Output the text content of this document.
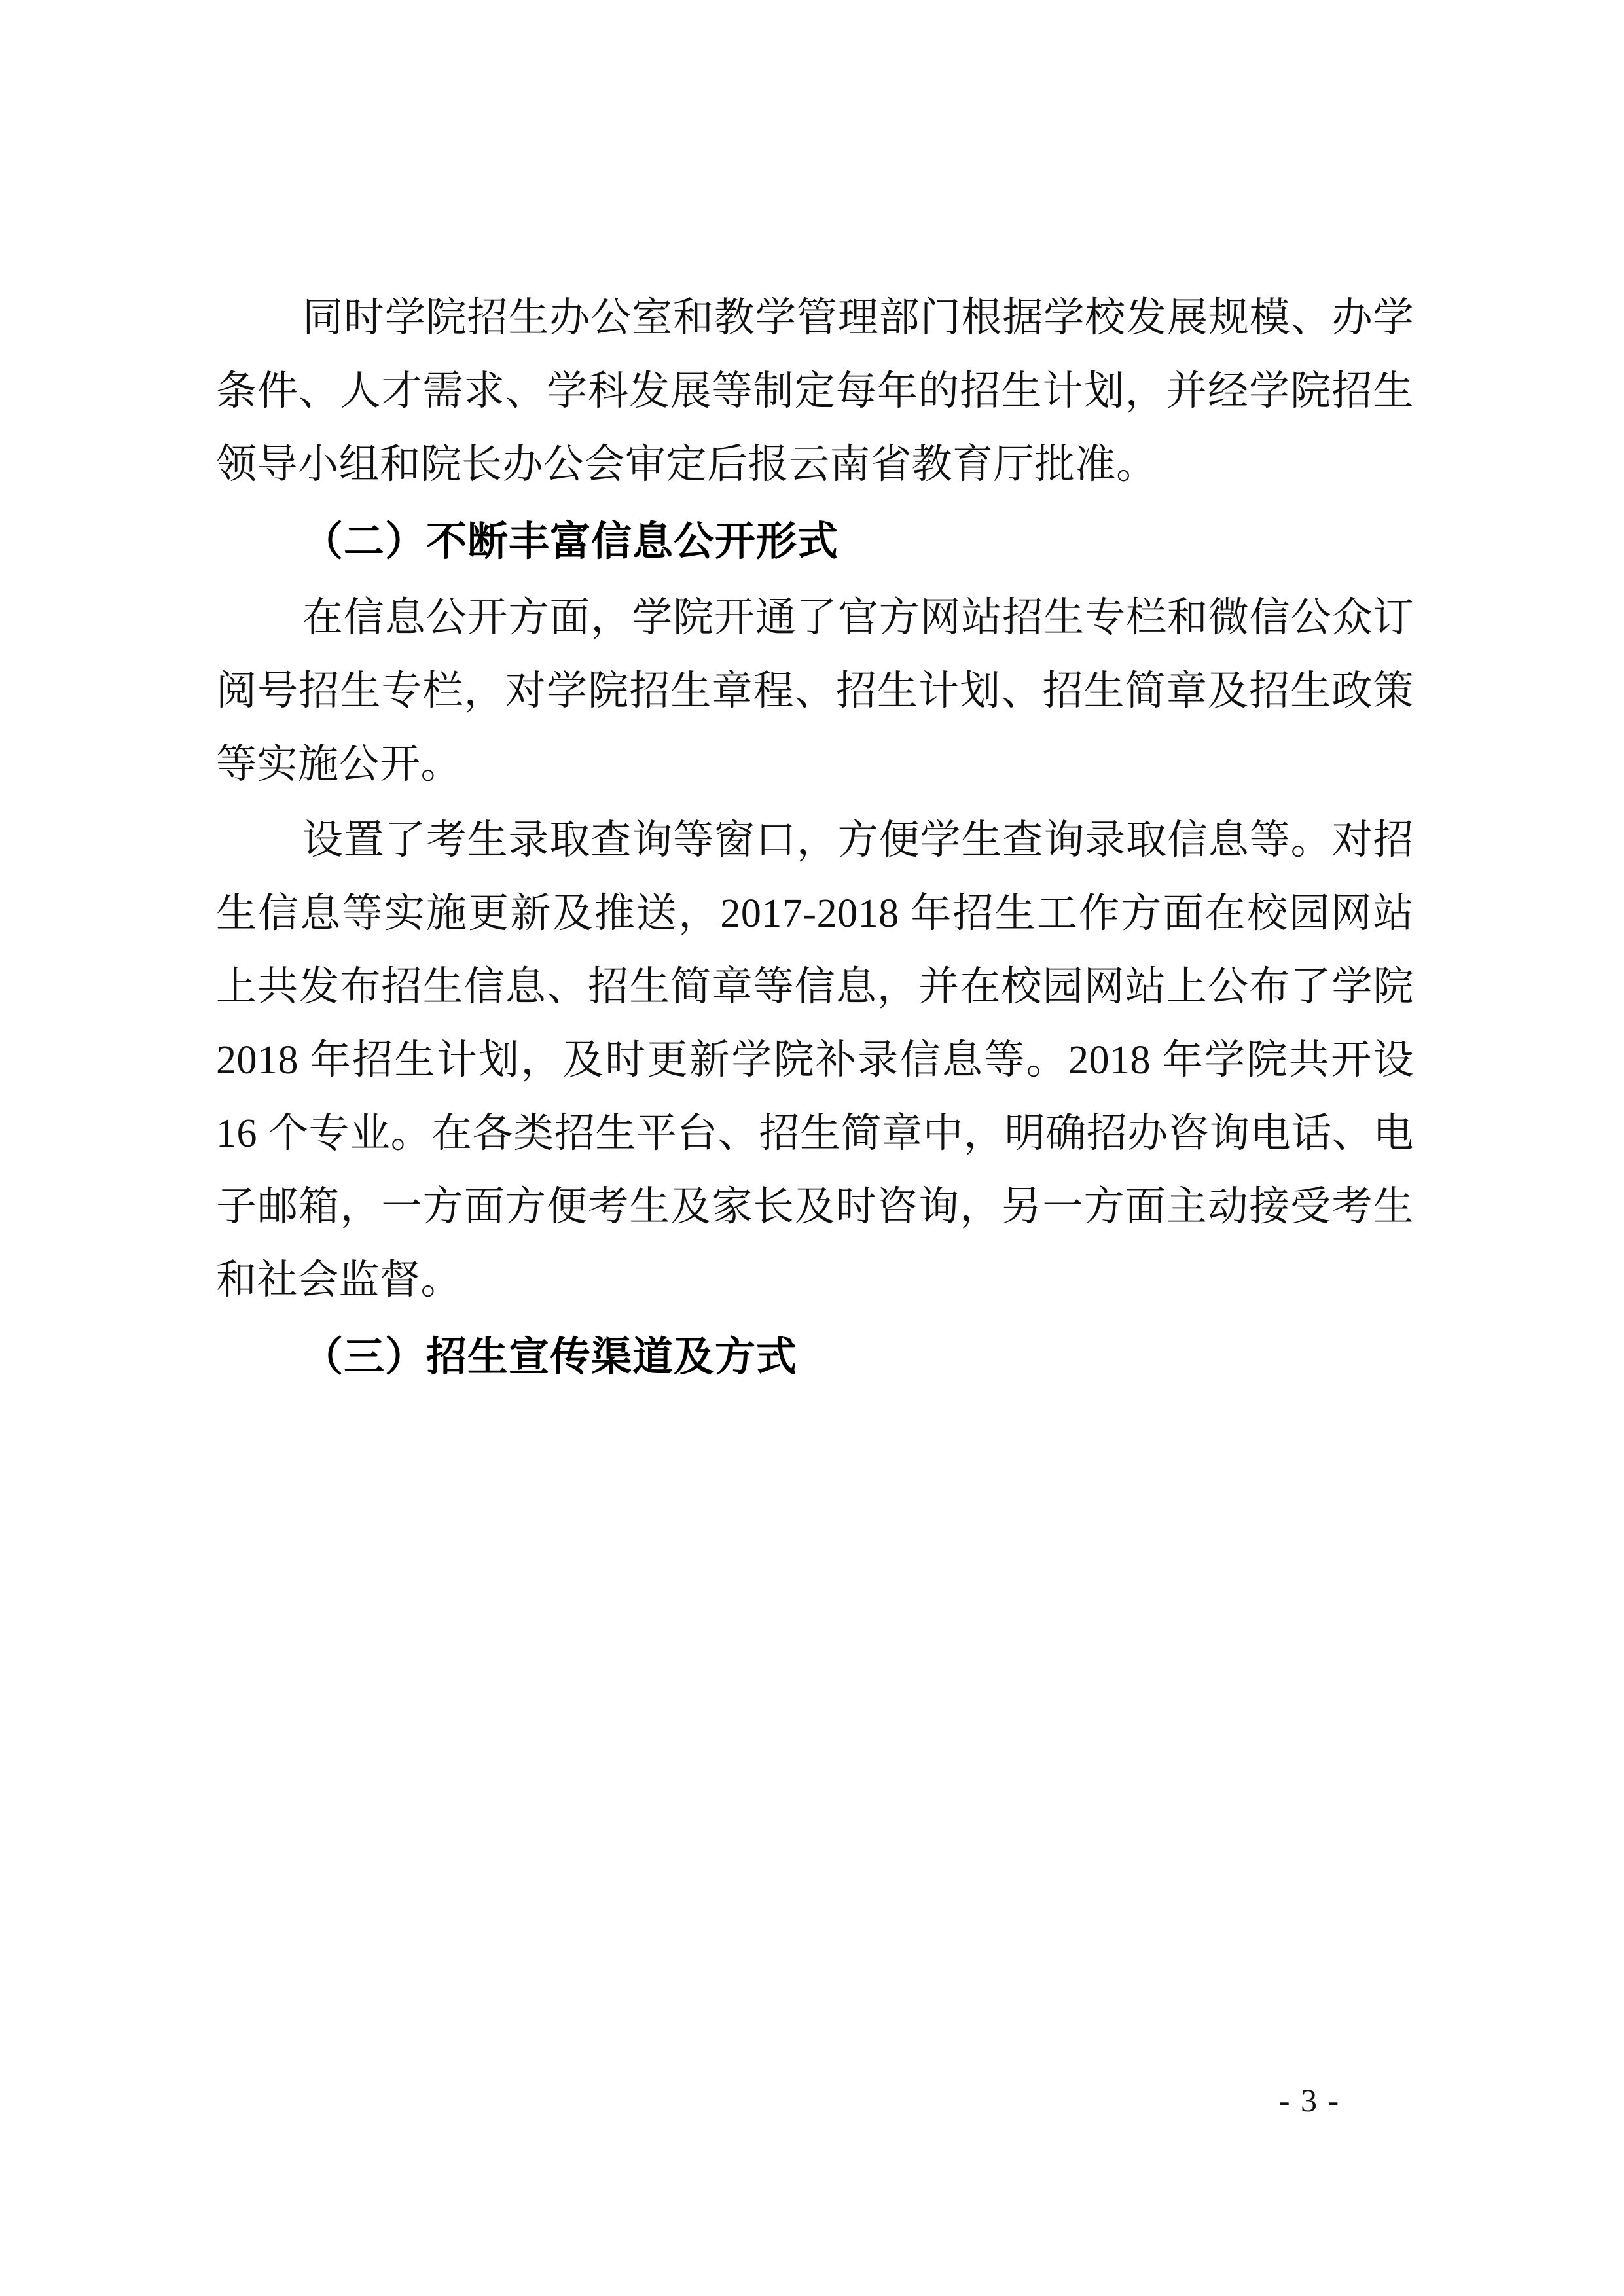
同时学院招生办公室和教学管理部门根据学校发展规模、办学条件、人才需求、学科发展等制定每年的招生计划，并经学院招生领导小组和院长办公会审定后报云南省教育厅批准。

（二）不断丰富信息公开形式

在信息公开方面，学院开通了官方网站招生专栏和微信公众订阅号招生专栏，对学院招生章程、招生计划、招生简章及招生政策等实施公开。

设置了考生录取查询等窗口，方便学生查询录取信息等。对招生信息等实施更新及推送，2017-2018 年招生工作方面在校园网站上共发布招生信息、招生简章等信息，并在校园网站上公布了学院 2018 年招生计划，及时更新学院补录信息等。2018 年学院共开设 16 个专业。在各类招生平台、招生简章中，明确招办咨询电话、电子邮箱，一方面方便考生及家长及时咨询，另一方面主动接受考生和社会监督。

（三）招生宣传渠道及方式

- 3 -
